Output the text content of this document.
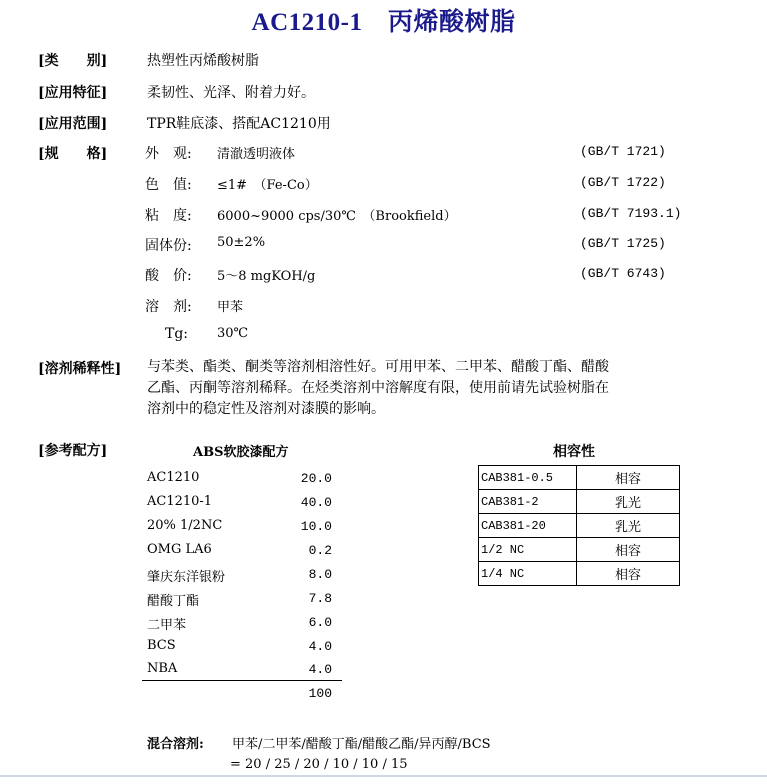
AC1210-1　丙烯酸树脂
[类　　别]	热塑性丙烯酸树脂
[应用特征]	柔韧性、光泽、附着力好。
[应用范围]	TPR鞋底漆、搭配AC1210用
[规　　格]	外　观: 清澈透明液体	(GB/T 1721)
色　值: ≤1#　（Fe-Co）	(GB/T 1722)
粘　度: 6000~9000 cps/30℃　（Brookfield）	(GB/T 7193.1)
固体份: 50±2%	(GB/T 1725)
酸　价: 5～8 mgKOH/g	(GB/T 6743)
溶　剂: 甲苯
Tg: 30℃
[溶剂稀释性] 与苯类、酯类、酮类等溶剂相溶性好。可用甲苯、二甲苯、醋酸丁酯、醋酸
乙酯、丙酮等溶剂稀释。在烃类溶剂中溶解度有限，使用前请先试验树脂在
溶剂中的稳定性及溶剂对漆膜的影响。
[参考配方]	ABS软胶漆配方
AC1210	20.0
AC1210-1	40.0
20% 1/2NC	10.0
OMG LA6	0.2
肇庆东洋银粉	8.0
醋酸丁酯	7.8
二甲苯	6.0
BCS	4.0
NBA	4.0
100
相容性
CAB381-0.5	相容
CAB381-2	乳光
CAB381-20	乳光
1/2 NC	相容
1/4 NC	相容
混合溶剂: 甲苯/二甲苯/醋酸丁酯/醋酸乙酯/异丙醇/BCS
= 20 / 25 / 20 / 10 / 10 / 15
